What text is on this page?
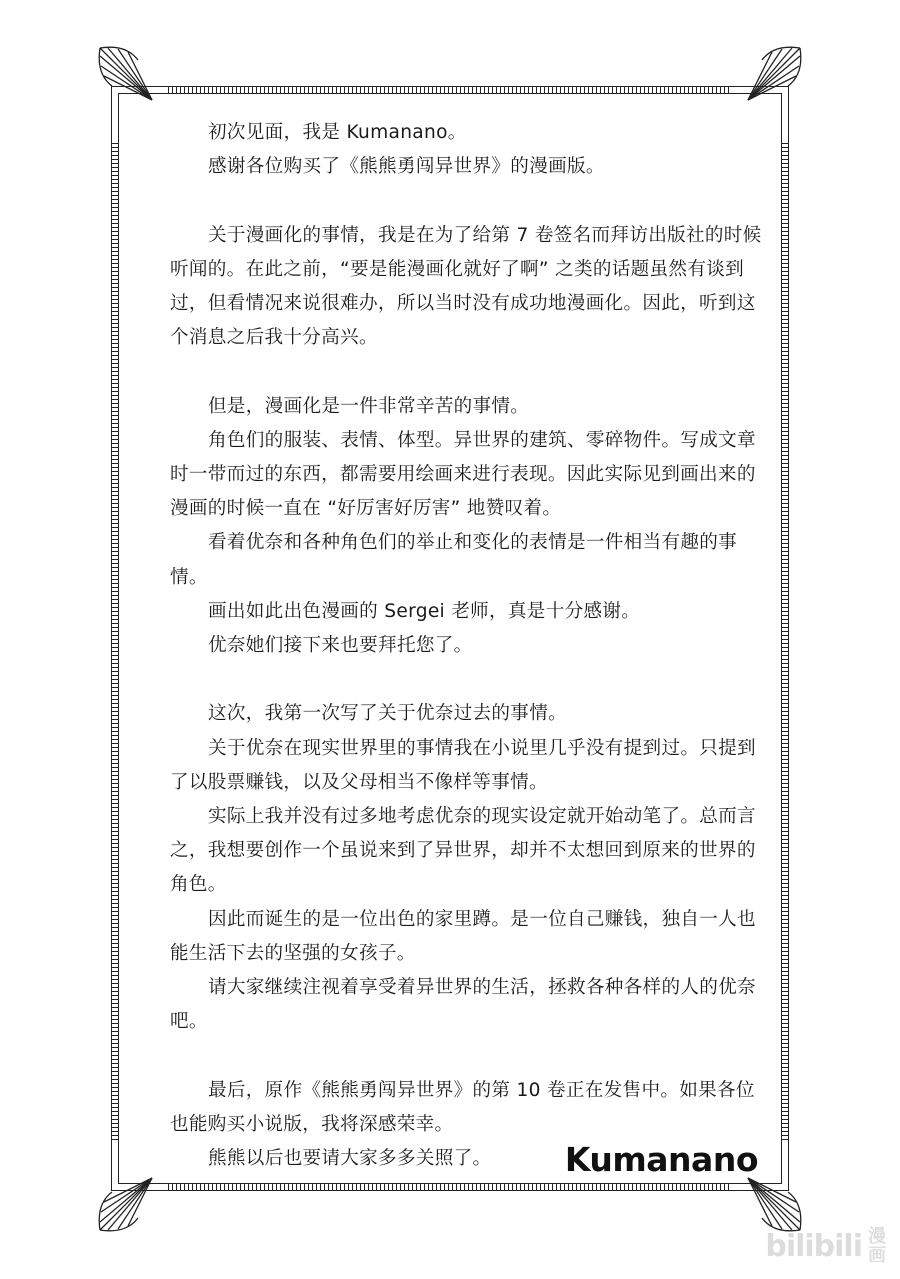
初次见面，我是 Kumanano。

感谢各位购买了《熊熊勇闯异世界》的漫画版。

关于漫画化的事情，我是在为了给第 7 卷签名而拜访出版社的时候听闻的。在此之前，“要是能漫画化就好了啊” 之类的话题虽然有谈到过，但看情况来说很难办，所以当时没有成功地漫画化。因此，听到这个消息之后我十分高兴。

但是，漫画化是一件非常辛苦的事情。

角色们的服装、表情、体型。异世界的建筑、零碎物件。写成文章时一带而过的东西，都需要用绘画来进行表现。因此实际见到画出来的漫画的时候一直在 “好厉害好厉害” 地赞叹着。

看着优奈和各种角色们的举止和变化的表情是一件相当有趣的事情。

画出如此出色漫画的 Sergei 老师，真是十分感谢。

优奈她们接下来也要拜托您了。

这次，我第一次写了关于优奈过去的事情。

关于优奈在现实世界里的事情我在小说里几乎没有提到过。只提到了以股票赚钱，以及父母相当不像样等事情。

实际上我并没有过多地考虑优奈的现实设定就开始动笔了。总而言之，我想要创作一个虽说来到了异世界，却并不太想回到原来的世界的角色。

因此而诞生的是一位出色的家里蹲。是一位自己赚钱，独自一人也能生活下去的坚强的女孩子。

请大家继续注视着享受着异世界的生活，拯救各种各样的人的优奈吧。

最后，原作《熊熊勇闯异世界》的第 10 卷正在发售中。如果各位也能购买小说版，我将深感荣幸。

熊熊以后也要请大家多多关照了。	Kumanano
bilibili 漫
画
